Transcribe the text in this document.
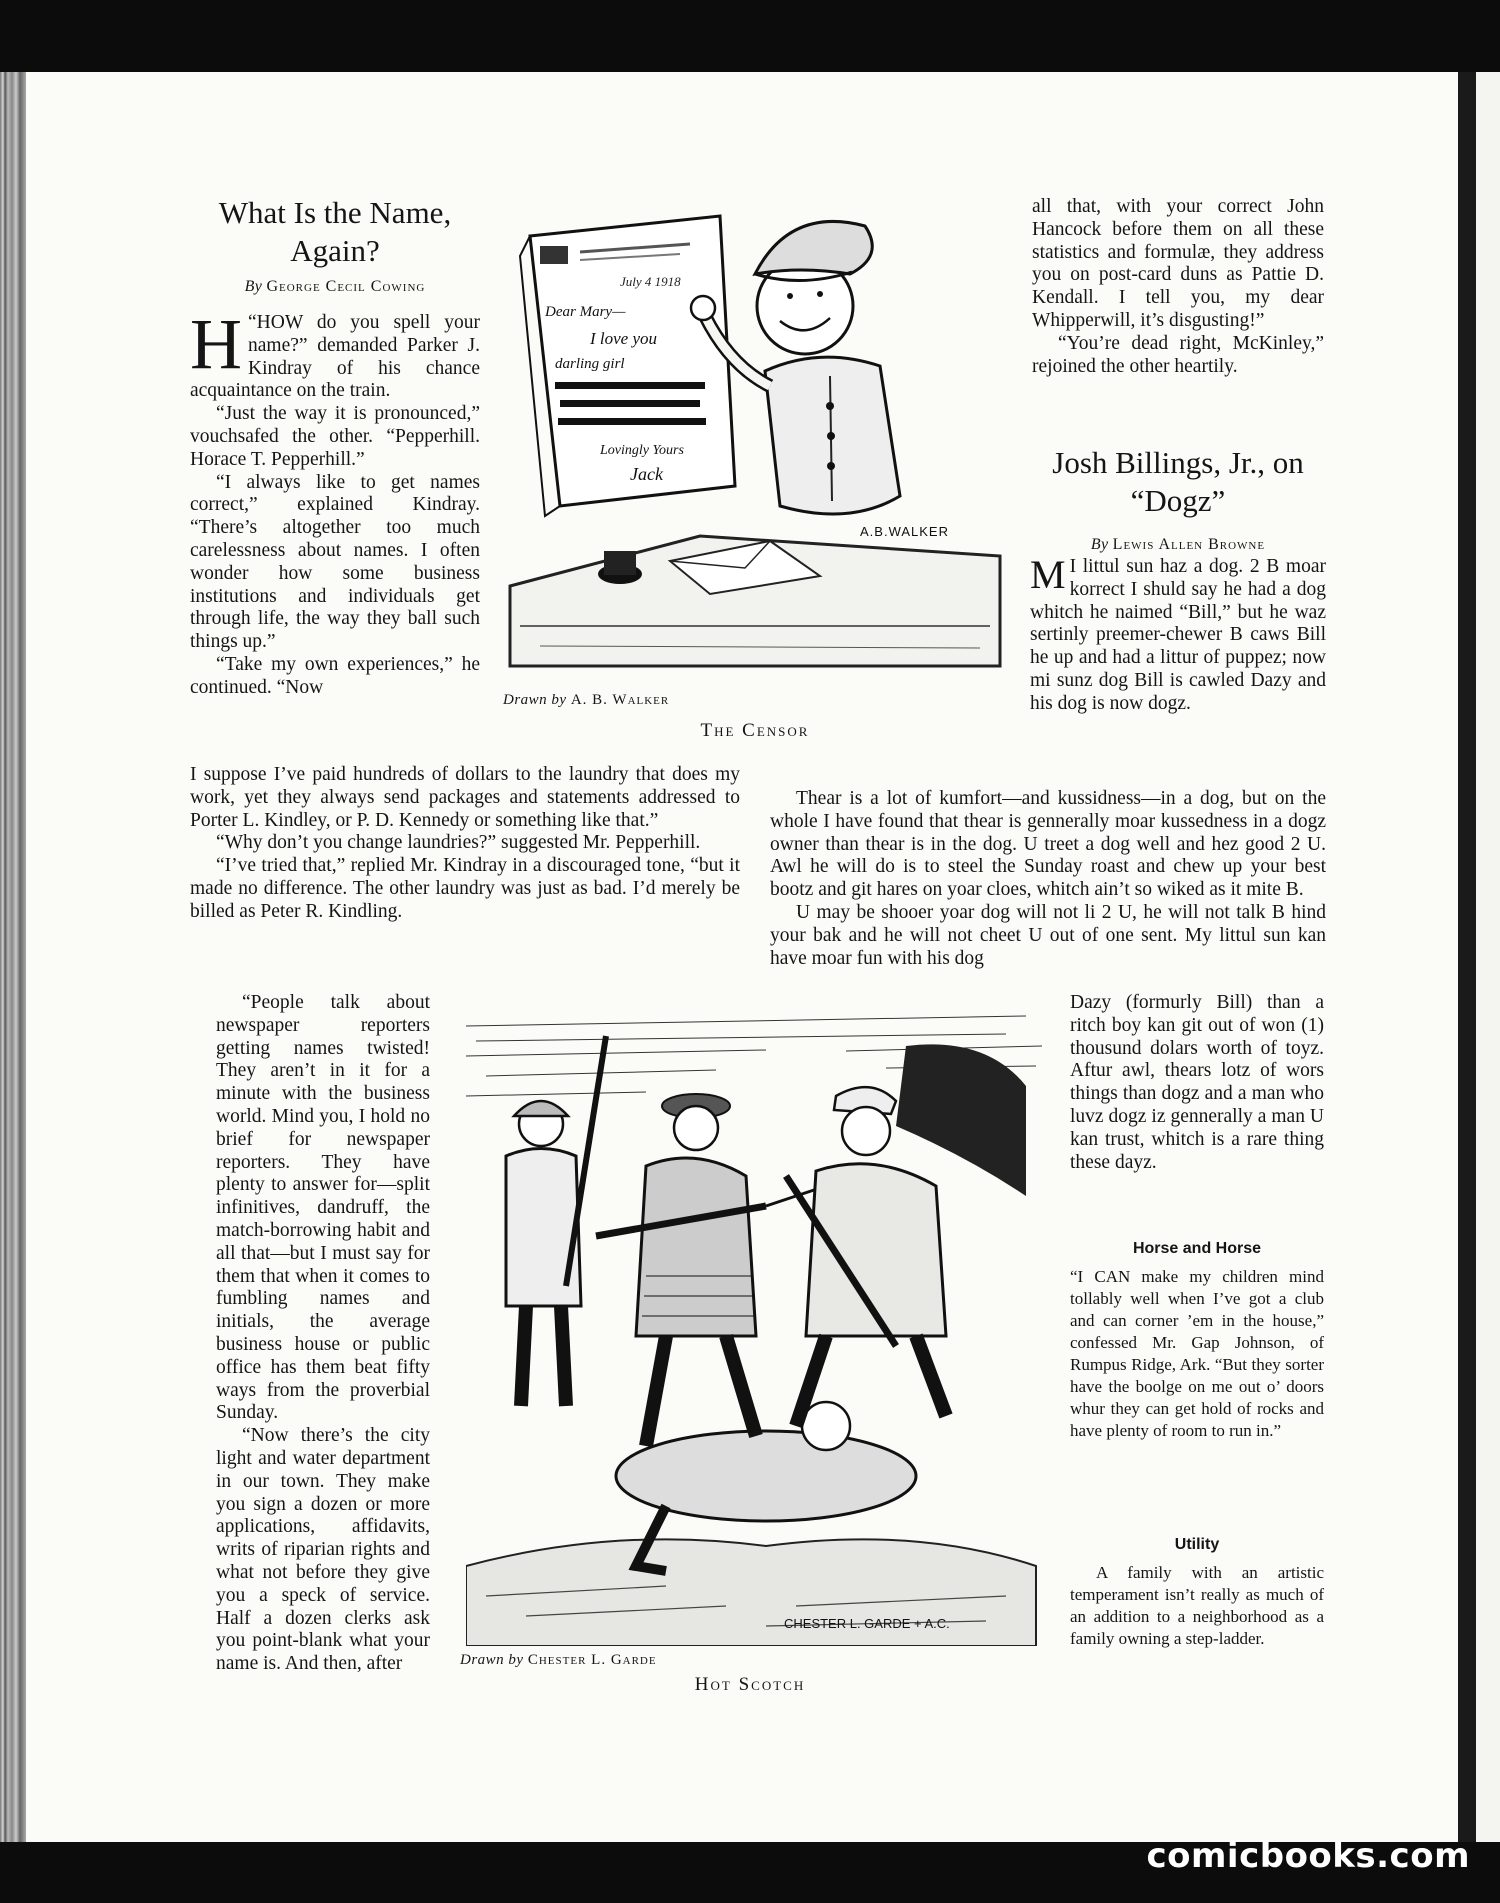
What Is the Name, Again?
By George Cecil Cowing

H “HOW do you spell your name?” demanded Parker J. Kindray of his chance acquaintance on the train.

“Just the way it is pronounced,” vouchsafed the other. “Pepperhill. Horace T. Pepperhill.”

“I always like to get names correct,” explained Kindray. “There’s altogether too much carelessness about names. I often wonder how some business institutions and individuals get through life, the way they ball such things up.”

“Take my own experiences,” he continued. “Now

July 4 1918
Dear Mary—
I love you
darling girl
Lovingly Yours
Jack
A.B.WALKER
Drawn by A. B. Walker
The Censor

all that, with your correct John Hancock before them on all these statistics and formulæ, they address you on post-card duns as Pattie D. Kendall. I tell you, my dear Whipperwill, it’s disgusting!”

“You’re dead right, McKinley,” rejoined the other heartily.

Josh Billings, Jr., on “Dogz”
By Lewis Allen Browne

M I littul sun haz a dog. 2 B moar korrect I shuld say he had a dog whitch he naimed “Bill,” but he waz sertinly preemer-chewer B caws Bill he up and had a littur of puppez; now mi sunz dog Bill is cawled Dazy and his dog is now dogz.

I suppose I’ve paid hundreds of dollars to the laundry that does my work, yet they always send packages and statements addressed to Porter L. Kindley, or P. D. Kennedy or something like that.”

“Why don’t you change laundries?” suggested Mr. Pepperhill.

“I’ve tried that,” replied Mr. Kindray in a discouraged tone, “but it made no difference. The other laundry was just as bad. I’d merely be billed as Peter R. Kindling.

Thear is a lot of kumfort—and kussidness—in a dog, but on the whole I have found that thear is gennerally moar kussedness in a dogz owner than thear is in the dog. U treet a dog well and hez good 2 U. Awl he will do is to steel the Sunday roast and chew up your best bootz and git hares on yoar cloes, whitch ain’t so wiked as it mite B.

U may be shooer yoar dog will not li 2 U, he will not talk B hind your bak and he will not cheet U out of one sent. My littul sun kan have moar fun with his dog

“People talk about newspaper reporters getting names twisted! They aren’t in it for a minute with the business world. Mind you, I hold no brief for newspaper reporters. They have plenty to answer for—split infinitives, dandruff, the match-borrowing habit and all that—but I must say for them that when it comes to fumbling names and initials, the average business house or public office has them beat fifty ways from the proverbial Sunday.

“Now there’s the city light and water department in our town. They make you sign a dozen or more applications, affidavits, writs of riparian rights and what not before they give you a speck of service. Half a dozen clerks ask you point-blank what your name is. And then, after

CHESTER L. GARDE + A.C.
Drawn by Chester L. Garde
Hot Scotch

Dazy (formurly Bill) than a ritch boy kan git out of won (1) thousund dolars worth of toyz. Aftur awl, thears lotz of wors things than dogz and a man who luvz dogz iz gennerally a man U kan trust, whitch is a rare thing these dayz.

Horse and Horse

“I CAN make my children mind tollably well when I’ve got a club and can corner ’em in the house,” confessed Mr. Gap Johnson, of Rumpus Ridge, Ark. “But they sorter have the boolge on me out o’ doors whur they can get hold of rocks and have plenty of room to run in.”

Utility

A family with an artistic temperament isn’t really as much of an addition to a neighborhood as a family owning a step-ladder.

comicbooks.com
